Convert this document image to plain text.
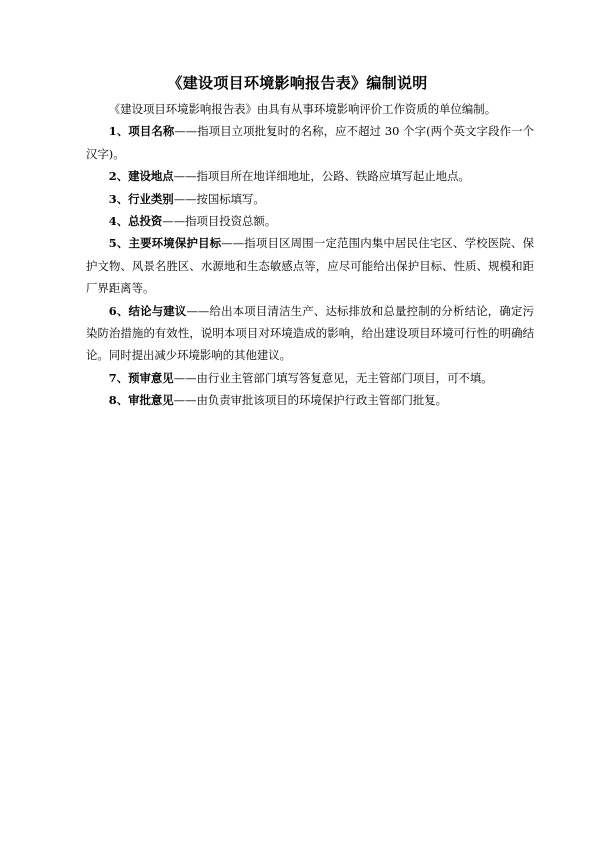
《建设项目环境影响报告表》编制说明

《建设项目环境影响报告表》由具有从事环境影响评价工作资质的单位编制。

1、项目名称——指项目立项批复时的名称，应不超过 30 个字(两个英文字段作一个汉字)。

2、建设地点——指项目所在地详细地址，公路、铁路应填写起止地点。

3、行业类别——按国标填写。

4、总投资——指项目投资总额。

5、主要环境保护目标——指项目区周围一定范围内集中居民住宅区、学校医院、保护文物、风景名胜区、水源地和生态敏感点等，应尽可能给出保护目标、性质、规模和距厂界距离等。

6、结论与建议——给出本项目清洁生产、达标排放和总量控制的分析结论，确定污染防治措施的有效性，说明本项目对环境造成的影响，给出建设项目环境可行性的明确结论。同时提出减少环境影响的其他建议。

7、预审意见——由行业主管部门填写答复意见，无主管部门项目，可不填。

8、审批意见——由负责审批该项目的环境保护行政主管部门批复。
